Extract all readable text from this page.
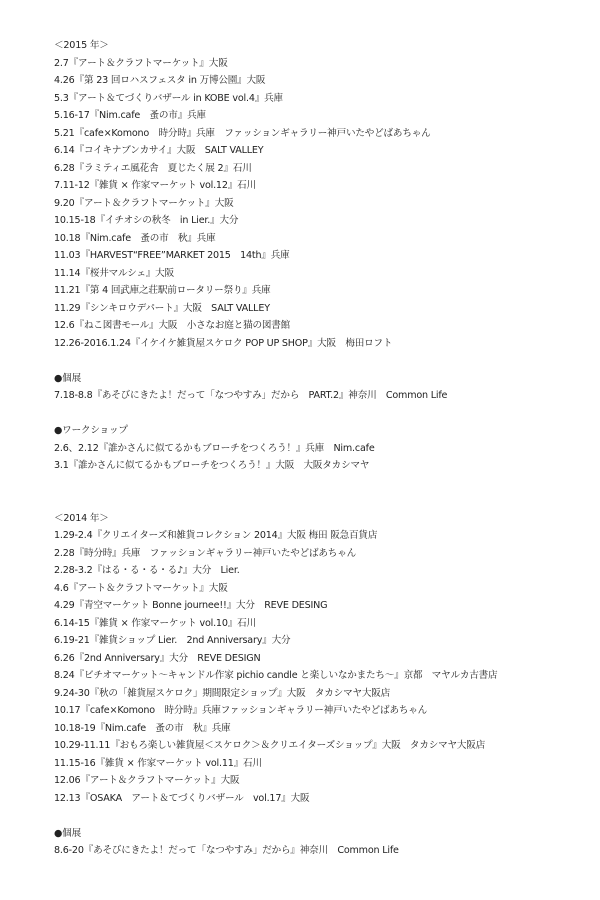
＜2015 年＞
2.7『アート＆クラフトマーケット』大阪
4.26『第 23 回ロハスフェスタ in 万博公園』大阪
5.3『アート＆てづくりバザール in KOBE vol.4』兵庫
5.16-17『Nim.cafe　蚤の市』兵庫
5.21『cafe×Komono　時分時』兵庫　ファッションギャラリー神戸いたやどばあちゃん
6.14『コイキナブンカサイ』大阪　SALT VALLEY
6.28『ラミティエ風花舎　夏じたく展 2』石川
7.11-12『雑貨 × 作家マーケット vol.12』石川
9.20『アート＆クラフトマーケット』大阪
10.15-18『イチオシの秋冬　in Lier.』大分
10.18『Nim.cafe　蚤の市　秋』兵庫
11.03『HARVEST“FREE”MARKET 2015　14th』兵庫
11.14『桜井マルシェ』大阪
11.21『第 4 回武庫之荘駅前ロータリー祭り』兵庫
11.29『シンキロウデパート』大阪　SALT VALLEY
12.6『ねこ図書モール』大阪　小さなお庭と猫の図書館
12.26-2016.1.24『イケイケ雑貨屋スケロク POP UP SHOP』大阪　梅田ロフト
●個展
7.18-8.8『あそびにきたよ！だって「なつやすみ」だから　PART.2』神奈川　Common Life
●ワークショップ
2.6、2.12『誰かさんに似てるかもブローチをつくろう！』兵庫　Nim.cafe
3.1『誰かさんに似てるかもブローチをつくろう！』大阪　大阪タカシマヤ
＜2014 年＞
1.29-2.4『クリエイターズ和雑貨コレクション 2014』大阪 梅田 阪急百貨店
2.28『時分時』兵庫　ファッションギャラリー神戸いたやどばあちゃん
2.28-3.2『はる・る・る・る♪』大分　Lier.
4.6『アート＆クラフトマーケット』大阪
4.29『青空マーケット Bonne journee!!』大分　REVE DESING
6.14-15『雑貨 × 作家マーケット vol.10』石川
6.19-21『雑貨ショップ Lier.　2nd Anniversary』大分
6.26『2nd Anniversary』大分　REVE DESIGN
8.24『ビチオマーケット〜キャンドル作家 pichio candle と楽しいなかまたち〜』京都　マヤルカ古書店
9.24-30『秋の「雑貨屋スケロク」期間限定ショップ』大阪　タカシマヤ大阪店
10.17『cafe×Komono　時分時』兵庫ファッションギャラリー神戸いたやどばあちゃん
10.18-19『Nim.cafe　蚤の市　秋』兵庫
10.29-11.11『おもろ楽しい雑貨屋＜スケロク＞＆クリエイターズショップ』大阪　タカシマヤ大阪店
11.15-16『雑貨 × 作家マーケット vol.11』石川
12.06『アート＆クラフトマーケット』大阪
12.13『OSAKA　アート＆てづくりバザール　vol.17』大阪
●個展
8.6-20『あそびにきたよ！だって「なつやすみ」だから』神奈川　Common Life
